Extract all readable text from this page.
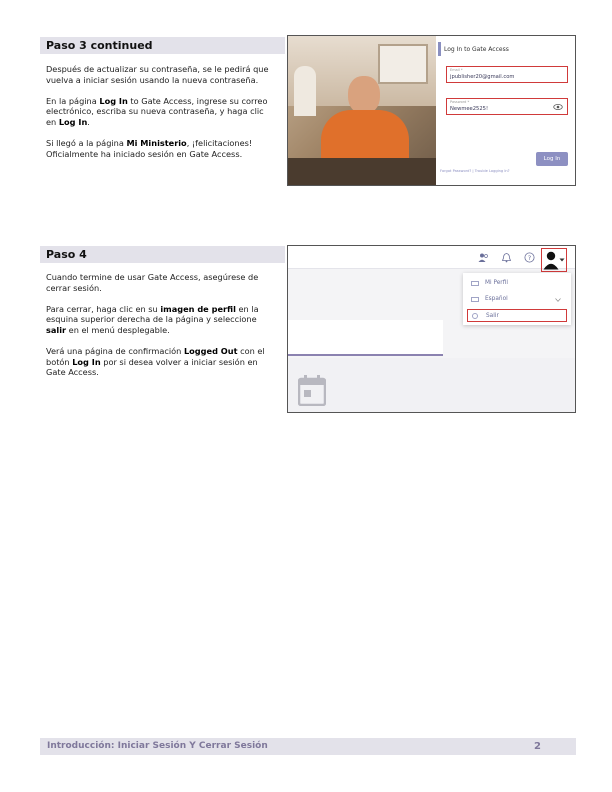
Paso 3 continued

Después de actualizar su contraseña, se le pedirá que vuelva a iniciar sesión usando la nueva contraseña.

En la página Log In to Gate Access, ingrese su correo electrónico, escriba su nueva contraseña, y haga clic en Log In.

Si llegó a la página Mi Ministerio, ¡felicitaciones! Oficialmente ha iniciado sesión en Gate Access.

Log In to Gate Access
Email *
jpublisher20@gmail.com
Password *
Newmee2525!
Log In
Forgot Password? | Trouble Logging In?
Paso 4

Cuando termine de usar Gate Access, asegúrese de cerrar sesión.

Para cerrar, haga clic en su imagen de perfil en la esquina superior derecha de la página y seleccione salir en el menú desplegable.

Verá una página de confirmación Logged Out con el botón Log In por si desea volver a iniciar sesión en Gate Access.

?
Mi Perfil
Español
Salir
Introducción: Iniciar Sesión Y Cerrar Sesión	2
